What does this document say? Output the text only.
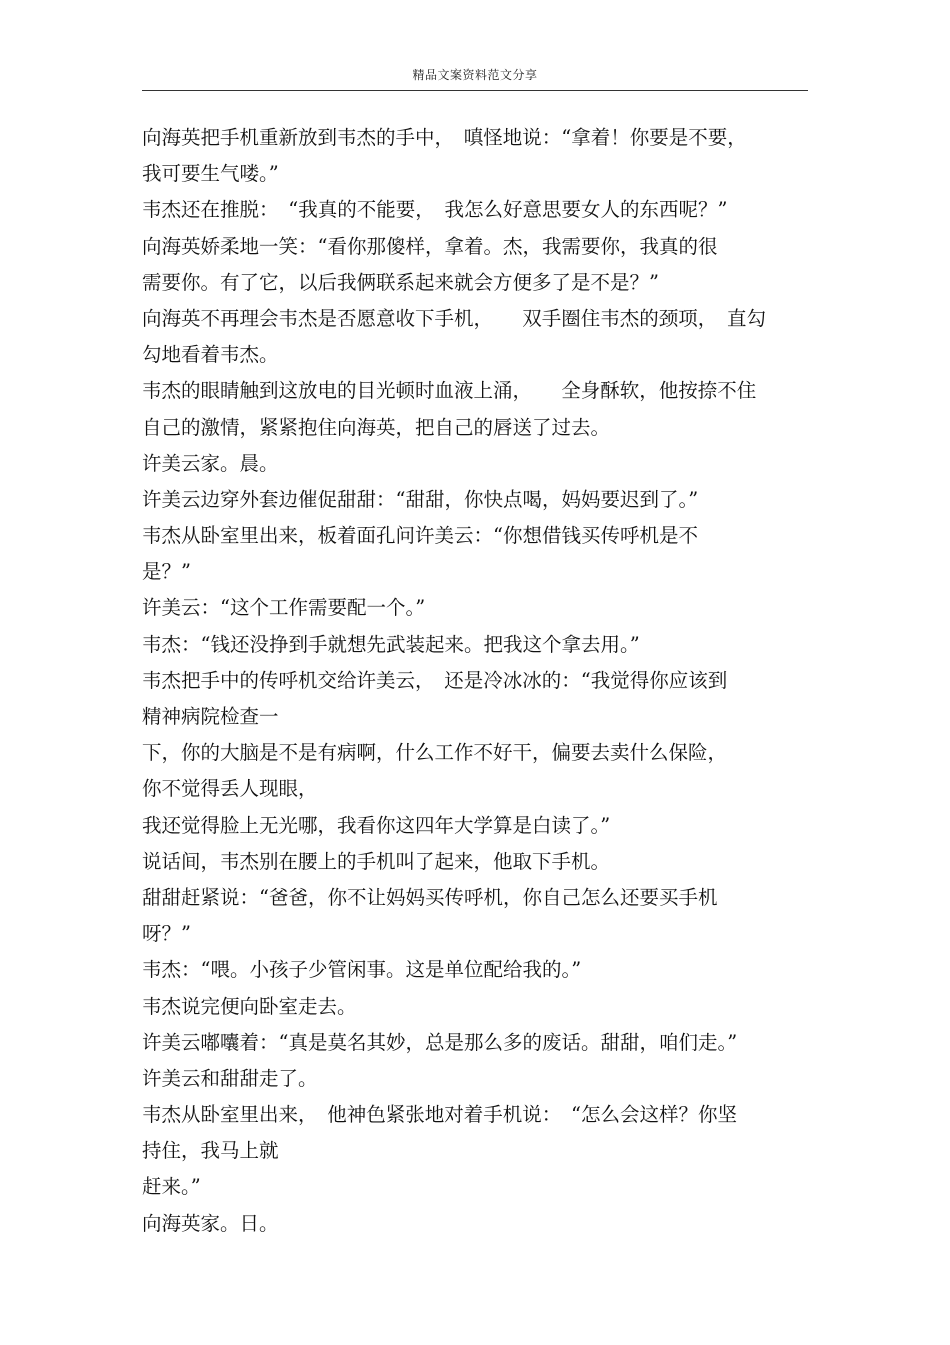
精品文案资料范文分享
向海英把手机重新放到韦杰的手中，　嗔怪地说：“拿着！你要是不要，
我可要生气喽。”
韦杰还在推脱：　“我真的不能要，　我怎么好意思要女人的东西呢？”
向海英娇柔地一笑：“看你那傻样，拿着。杰，我需要你，我真的很
需要你。有了它，以后我俩联系起来就会方便多了是不是？”
向海英不再理会韦杰是否愿意收下手机，　　双手圈住韦杰的颈项，　直勾
勾地看着韦杰。
韦杰的眼睛触到这放电的目光顿时血液上涌，　　全身酥软，他按捺不住
自己的激情，紧紧抱住向海英，把自己的唇送了过去。
许美云家。晨。
许美云边穿外套边催促甜甜：“甜甜，你快点喝，妈妈要迟到了。”
韦杰从卧室里出来，板着面孔问许美云：“你想借钱买传呼机是不
是？”
许美云：“这个工作需要配一个。”
韦杰：“钱还没挣到手就想先武装起来。把我这个拿去用。”
韦杰把手中的传呼机交给许美云，　还是冷冰冰的：“我觉得你应该到
精神病院检查一
下，你的大脑是不是有病啊，什么工作不好干，偏要去卖什么保险，
你不觉得丢人现眼，
我还觉得脸上无光哪，我看你这四年大学算是白读了。”
说话间，韦杰别在腰上的手机叫了起来，他取下手机。
甜甜赶紧说：“爸爸，你不让妈妈买传呼机，你自己怎么还要买手机
呀？”
韦杰：“喂。小孩子少管闲事。这是单位配给我的。”
韦杰说完便向卧室走去。
许美云嘟囔着：“真是莫名其妙，总是那么多的废话。甜甜，咱们走。”
许美云和甜甜走了。
韦杰从卧室里出来，　他神色紧张地对着手机说：　“怎么会这样？你坚
持住，我马上就
赶来。”
向海英家。日。
